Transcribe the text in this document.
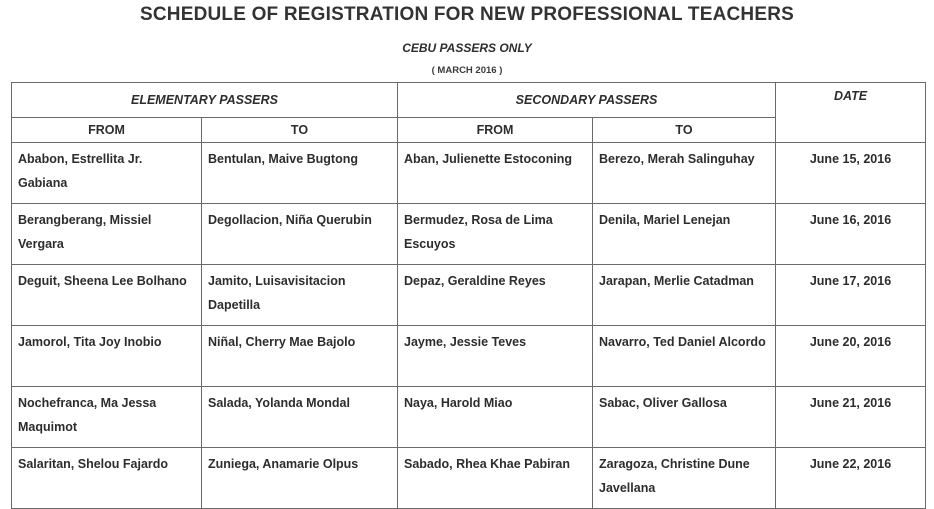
SCHEDULE OF REGISTRATION FOR NEW PROFESSIONAL TEACHERS
CEBU PASSERS ONLY
( MARCH 2016 )
ELEMENTARY PASSERS		SECONDARY PASSERS		DATE
FROM	TO	FROM	TO	

Ababon, Estrellita Jr. Gabiana	Bentulan, Maive Bugtong	Aban, Julienette Estoconing	Berezo, Merah Salinguhay	June 15, 2016

Berangberang, Missiel Vergara	Degollacion, Niña Querubin	Bermudez, Rosa de Lima Escuyos	Denila, Mariel Lenejan	June 16, 2016

Deguit, Sheena Lee Bolhano	Jamito, Luisavisitacion Dapetilla	Depaz, Geraldine Reyes	Jarapan, Merlie Catadman	June 17, 2016

Jamorol, Tita Joy Inobio	Niñal, Cherry Mae Bajolo	Jayme, Jessie Teves	Navarro, Ted Daniel Alcordo	June 20, 2016

Nochefranca, Ma Jessa Maquimot	Salada, Yolanda Mondal	Naya, Harold Miao	Sabac, Oliver Gallosa	June 21, 2016

Salaritan, Shelou Fajardo	Zuniega, Anamarie Olpus	Sabado, Rhea Khae Pabiran	Zaragoza, Christine Dune Javellana	June 22, 2016
